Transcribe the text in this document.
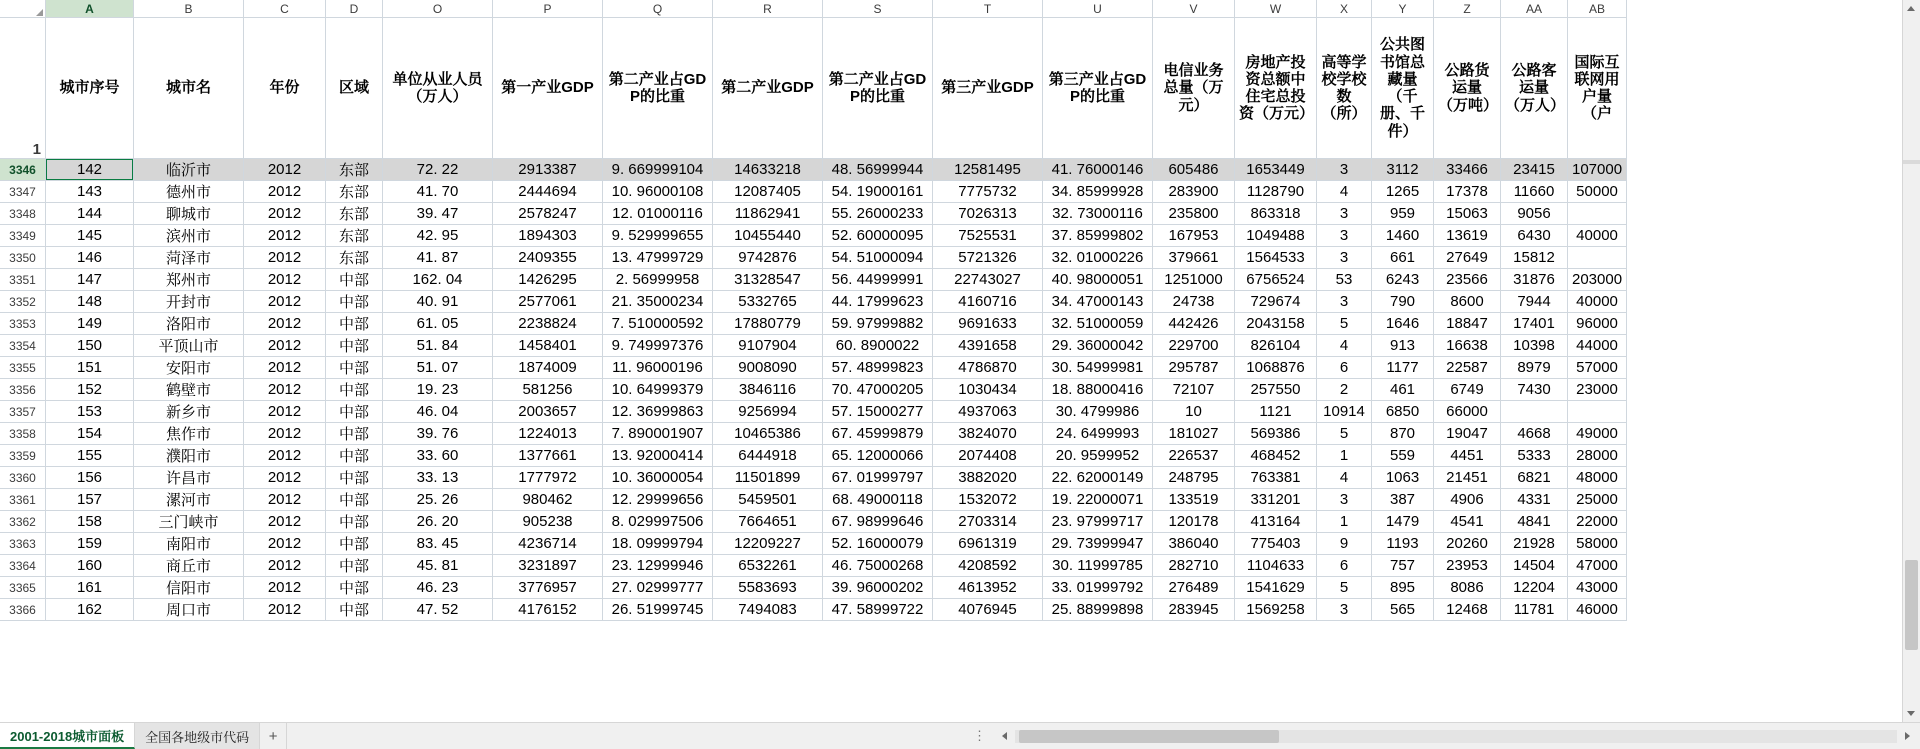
	A	B	C	D	O	P	Q	R	S	T	U	V	W	X	Y	Z	AA	AB
1	城市序号	城市名	年份	区域	单位从业人员（万人）	第一产业GDP	第二产业占GDP的比重	第二产业GDP	第二产业占GDP的比重	第三产业GDP	第三产业占GDP的比重	电信业务总量（万元）	房地产投资总额中住宅总投资（万元）	高等学校学校数（所）	公共图书馆总藏量（千册、千件）	公路货运量（万吨）	公路客运量（万人）	国际互联网用户量（户
3346	142	临沂市	2012	东部	72. 22	2913387	9. 669999104	14633218	48. 56999944	12581495	41. 76000146	605486	1653449	3	3112	33466	23415	107000
3347	143	德州市	2012	东部	41. 70	2444694	10. 96000108	12087405	54. 19000161	7775732	34. 85999928	283900	1128790	4	1265	17378	11660	50000
3348	144	聊城市	2012	东部	39. 47	2578247	12. 01000116	11862941	55. 26000233	7026313	32. 73000116	235800	863318	3	959	15063	9056	
3349	145	滨州市	2012	东部	42. 95	1894303	9. 529999655	10455440	52. 60000095	7525531	37. 85999802	167953	1049488	3	1460	13619	6430	40000
3350	146	菏泽市	2012	东部	41. 87	2409355	13. 47999729	9742876	54. 51000094	5721326	32. 01000226	379661	1564533	3	661	27649	15812	
3351	147	郑州市	2012	中部	162. 04	1426295	2. 56999958	31328547	56. 44999991	22743027	40. 98000051	1251000	6756524	53	6243	23566	31876	203000
3352	148	开封市	2012	中部	40. 91	2577061	21. 35000234	5332765	44. 17999623	4160716	34. 47000143	24738	729674	3	790	8600	7944	40000
3353	149	洛阳市	2012	中部	61. 05	2238824	7. 510000592	17880779	59. 97999882	9691633	32. 51000059	442426	2043158	5	1646	18847	17401	96000
3354	150	平顶山市	2012	中部	51. 84	1458401	9. 749997376	9107904	60. 8900022	4391658	29. 36000042	229700	826104	4	913	16638	10398	44000
3355	151	安阳市	2012	中部	51. 07	1874009	11. 96000196	9008090	57. 48999823	4786870	30. 54999981	295787	1068876	6	1177	22587	8979	57000
3356	152	鹤壁市	2012	中部	19. 23	581256	10. 64999379	3846116	70. 47000205	1030434	18. 88000416	72107	257550	2	461	6749	7430	23000
3357	153	新乡市	2012	中部	46. 04	2003657	12. 36999863	9256994	57. 15000277	4937063	30. 4799986	10	1121	10914	6850	66000		
3358	154	焦作市	2012	中部	39. 76	1224013	7. 890001907	10465386	67. 45999879	3824070	24. 6499993	181027	569386	5	870	19047	4668	49000
3359	155	濮阳市	2012	中部	33. 60	1377661	13. 92000414	6444918	65. 12000066	2074408	20. 9599952	226537	468452	1	559	4451	5333	28000
3360	156	许昌市	2012	中部	33. 13	1777972	10. 36000054	11501899	67. 01999797	3882020	22. 62000149	248795	763381	4	1063	21451	6821	48000
3361	157	漯河市	2012	中部	25. 26	980462	12. 29999656	5459501	68. 49000118	1532072	19. 22000071	133519	331201	3	387	4906	4331	25000
3362	158	三门峡市	2012	中部	26. 20	905238	8. 029997506	7664651	67. 98999646	2703314	23. 97999717	120178	413164	1	1479	4541	4841	22000
3363	159	南阳市	2012	中部	83. 45	4236714	18. 09999794	12209227	52. 16000079	6961319	29. 73999947	386040	775403	9	1193	20260	21928	58000
3364	160	商丘市	2012	中部	45. 81	3231897	23. 12999946	6532261	46. 75000268	4208592	30. 11999785	282710	1104633	6	757	23953	14504	47000
3365	161	信阳市	2012	中部	46. 23	3776957	27. 02999777	5583693	39. 96000202	4613952	33. 01999792	276489	1541629	5	895	8086	12204	43000
3366	162	周口市	2012	中部	47. 52	4176152	26. 51999745	7494083	47. 58999722	4076945	25. 88999898	283945	1569258	3	565	12468	11781	46000
2001-2018城市面板	全国各地级市代码	+	⋮
